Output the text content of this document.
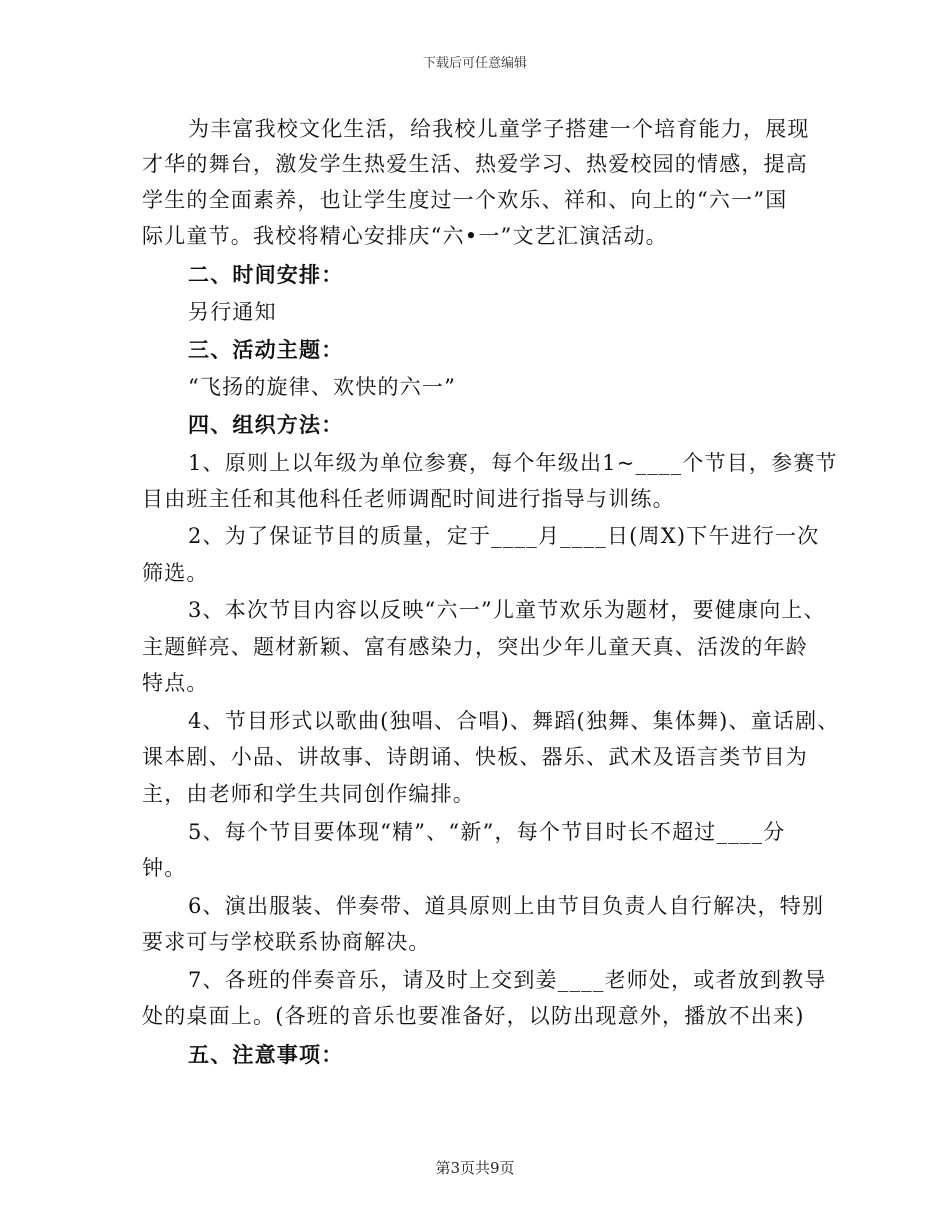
下载后可任意编辑
为丰富我校文化生活，给我校儿童学子搭建一个培育能力，展现
才华的舞台，激发学生热爱生活、热爱学习、热爱校园的情感，提高
学生的全面素养，也让学生度过一个欢乐、祥和、向上的“六一”国
际儿童节。我校将精心安排庆“六•一”文艺汇演活动。
二、时间安排：
另行通知
三、活动主题：
“飞扬的旋律、欢快的六一”
四、组织方法：
1、原则上以年级为单位参赛，每个年级出1~____个节目，参赛节
目由班主任和其他科任老师调配时间进行指导与训练。
2、为了保证节目的质量，定于____月____日(周X)下午进行一次
筛选。
3、本次节目内容以反映“六一”儿童节欢乐为题材，要健康向上、
主题鲜亮、题材新颖、富有感染力，突出少年儿童天真、活泼的年龄
特点。
4、节目形式以歌曲(独唱、合唱)、舞蹈(独舞、集体舞)、童话剧、
课本剧、小品、讲故事、诗朗诵、快板、器乐、武术及语言类节目为
主，由老师和学生共同创作编排。
5、每个节目要体现“精”、“新”，每个节目时长不超过____分
钟。
6、演出服装、伴奏带、道具原则上由节目负责人自行解决，特别
要求可与学校联系协商解决。
7、各班的伴奏音乐，请及时上交到姜____老师处，或者放到教导
处的桌面上。(各班的音乐也要准备好，以防出现意外，播放不出来)
五、注意事项：
第3页共9页
